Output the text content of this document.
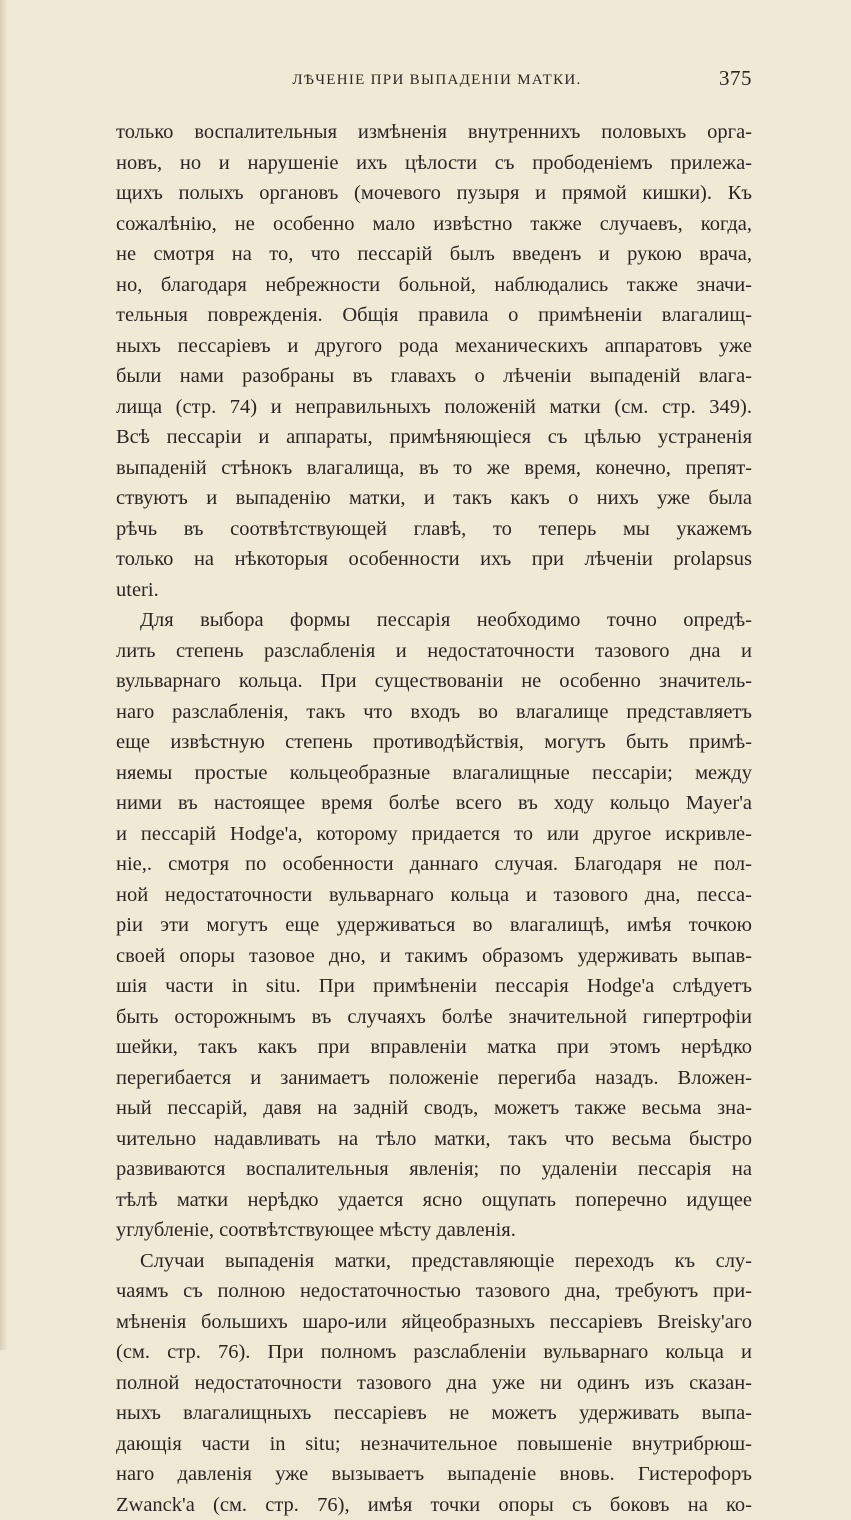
ЛѢЧЕНІЕ ПРИ ВЫПАДЕНІИ МАТКИ.	375
только воспалительныя измѣненія внутреннихъ половыхъ орга-
новъ, но и нарушеніе ихъ цѣлости съ прободеніемъ прилежа-
щихъ полыхъ органовъ (мочевого пузыря и прямой кишки). Къ
сожалѣнію, не особенно мало извѣстно также случаевъ, когда,
не смотря на то, что пессарій былъ введенъ и рукою врача,
но, благодаря небрежности больной, наблюдались также значи-
тельныя поврежденія. Общія правила о примѣненіи влагалищ-
ныхъ пессаріевъ и другого рода механическихъ аппаратовъ уже
были нами разобраны въ главахъ о лѣченіи выпаденій влага-
лища (стр. 74) и неправильныхъ положеній матки (см. стр. 349).
Всѣ пессаріи и аппараты, примѣняющіеся съ цѣлью устраненія
выпаденій стѣнокъ влагалища, въ то же время, конечно, препят-
ствуютъ и выпаденію матки, и такъ какъ о нихъ уже была
рѣчь въ соотвѣтствующей главѣ, то теперь мы укажемъ
только на нѣкоторыя особенности ихъ при лѣченіи prolapsus
uteri.
Для выбора формы пессарія необходимо точно опредѣ-
лить степень разслабленія и недостаточности тазового дна и
вульварнаго кольца. При существованіи не особенно значитель-
наго разслабленія, такъ что входъ во влагалище представляетъ
еще извѣстную степень противодѣйствія, могутъ быть примѣ-
няемы простые кольцеобразные влагалищные пессаріи; между
ними въ настоящее время болѣе всего въ ходу кольцо Mayer'а
и пессарій Hodge'а, которому придается то или другое искривле-
ніе,. смотря по особенности даннаго случая. Благодаря не пол-
ной недостаточности вульварнаго кольца и тазового дна, песса-
ріи эти могутъ еще удерживаться во влагалищѣ, имѣя точкою
своей опоры тазовое дно, и такимъ образомъ удерживать выпав-
шія части in situ. При примѣненіи пессарія Hodge'а слѣдуетъ
быть осторожнымъ въ случаяхъ болѣе значительной гипертрофіи
шейки, такъ какъ при вправленіи матка при этомъ нерѣдко
перегибается и занимаетъ положеніе перегиба назадъ. Вложен-
ный пессарій, давя на задній сводъ, можетъ также весьма зна-
чительно надавливать на тѣло матки, такъ что весьма быстро
развиваются воспалительныя явленія; по удаленіи пессарія на
тѣлѣ матки нерѣдко удается ясно ощупать поперечно идущее
углубленіе, соотвѣтствующее мѣсту давленія.
Случаи выпаденія матки, представляющіе переходъ къ слу-
чаямъ съ полною недостаточностью тазового дна, требуютъ при-
мѣненія большихъ шаро-или яйцеобразныхъ пессаріевъ Breisky'аго
(см. стр. 76). При полномъ разслабленіи вульварнаго кольца и
полной недостаточности тазового дна уже ни одинъ изъ сказан-
ныхъ влагалищныхъ пессаріевъ не можетъ удерживать выпа-
дающія части in situ; незначительное повышеніе внутрибрюш-
наго давленія уже вызываетъ выпаденіе вновь. Гистерофоръ
Zwanck'а (см. стр. 76), имѣя точки опоры съ боковъ на ко-
